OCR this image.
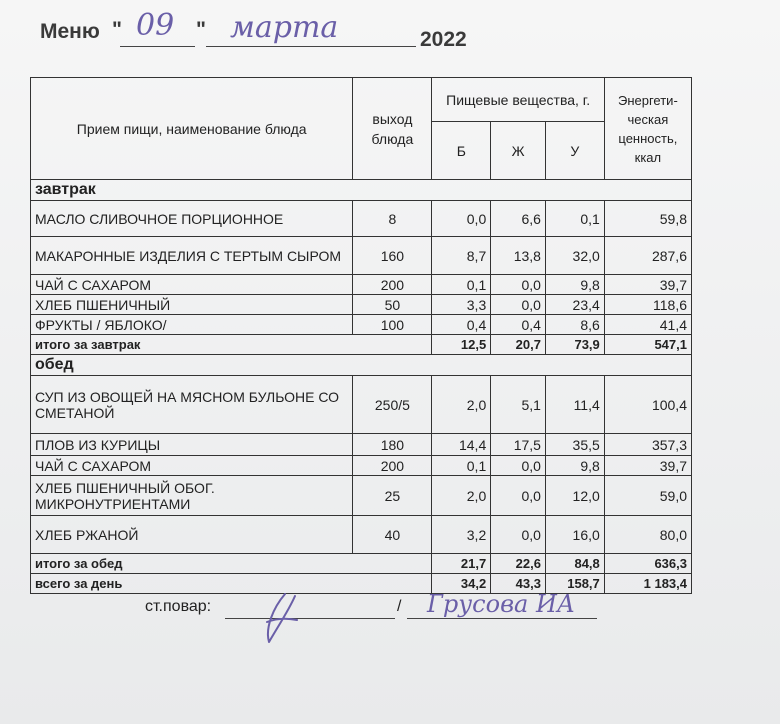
Меню " 09 " марта	2022
Прием пищи, наименование блюда	выход блюда	Пищевые вещества, г.			Энергети-ческая ценность, ккал
		Б	Ж	У	
завтрак					
МАСЛО СЛИВОЧНОЕ ПОРЦИОННОЕ	8	0,0	6,6	0,1	59,8
МАКАРОННЫЕ ИЗДЕЛИЯ С ТЕРТЫМ СЫРОМ	160	8,7	13,8	32,0	287,6
ЧАЙ С САХАРОМ	200	0,1	0,0	9,8	39,7
ХЛЕБ ПШЕНИЧНЫЙ	50	3,3	0,0	23,4	118,6
ФРУКТЫ / ЯБЛОКО/	100	0,4	0,4	8,6	41,4
итого за завтрак		12,5	20,7	73,9	547,1
обед					
СУП ИЗ ОВОЩЕЙ НА МЯСНОМ БУЛЬОНЕ СО СМЕТАНОЙ	250/5	2,0	5,1	11,4	100,4
ПЛОВ ИЗ КУРИЦЫ	180	14,4	17,5	35,5	357,3
ЧАЙ С САХАРОМ	200	0,1	0,0	9,8	39,7
ХЛЕБ ПШЕНИЧНЫЙ ОБОГ. МИКРОНУТРИЕНТАМИ	25	2,0	0,0	12,0	59,0
ХЛЕБ РЖАНОЙ	40	3,2	0,0	16,0	80,0
итого за обед		21,7	22,6	84,8	636,3
всего за день		34,2	43,3	158,7	1 183,4
ст.повар:	/ Грусова ИА
